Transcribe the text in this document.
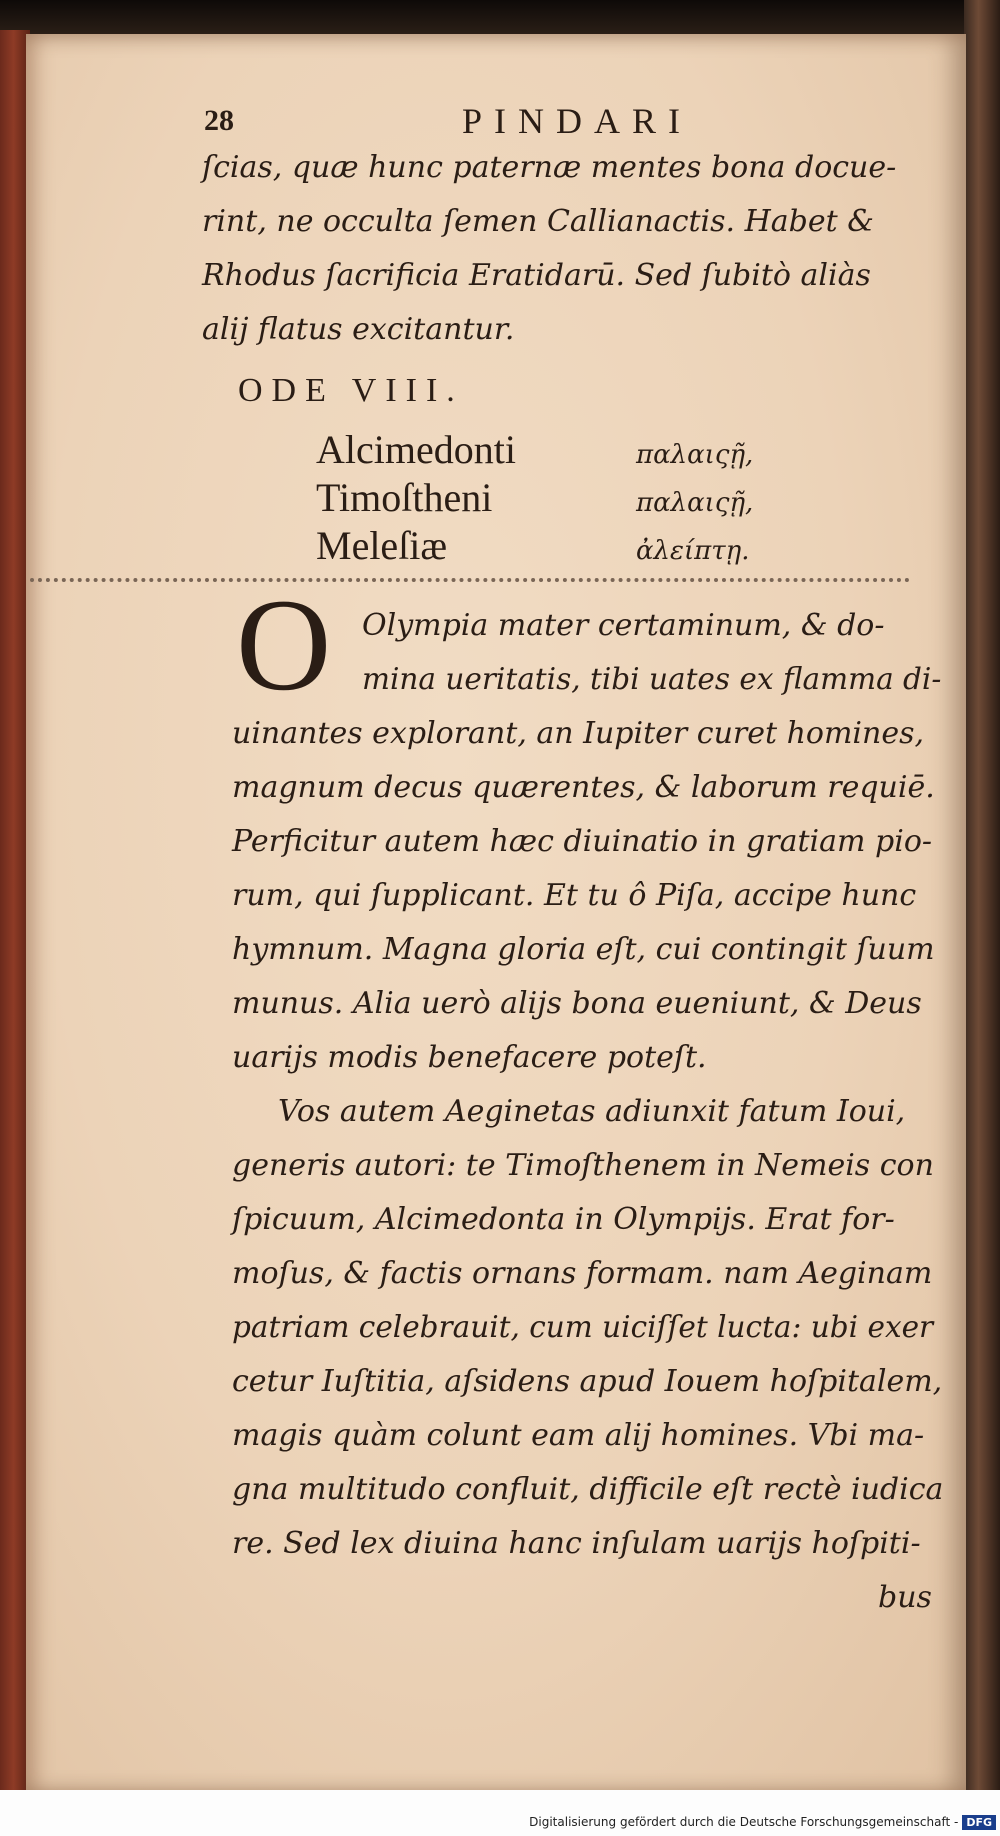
28	PINDARI
ſcias, quæ hunc paternæ mentes bona docue-
rint, ne occulta ſemen Callianactis. Habet &
Rhodus ſacrificia Eratidarū. Sed ſubitò aliàs
alij flatus excitantur.
ODE VIII.
Alcimedonti	παλαιςῇ,
Timoſtheni	παλαιςῇ,
Meleſiæ	ἀλείπτῃ.
O	Olympia mater certaminum, & do-
mina ueritatis, tibi uates ex flamma di-
uinantes explorant, an Iupiter curet homines,
magnum decus quærentes, & laborum requiē.
Perficitur autem hæc diuinatio in gratiam pio-
rum, qui ſupplicant. Et tu ô Piſa, accipe hunc
hymnum. Magna gloria eſt, cui contingit ſuum
munus. Alia uerò alijs bona eueniunt, & Deus
uarijs modis benefacere poteſt.
Vos autem Aeginetas adiunxit fatum Ioui,
generis autori: te Timoſthenem in Nemeis con
ſpicuum, Alcimedonta in Olympijs. Erat for-
moſus, & factis ornans formam. nam Aeginam
patriam celebrauit, cum uiciſſet lucta: ubi exer
cetur Iuſtitia, aſsidens apud Iouem hoſpitalem,
magis quàm colunt eam alij homines. Vbi ma-
gna multitudo confluit, difficile eſt rectè iudica
re. Sed lex diuina hanc inſulam uarijs hoſpiti-
bus
Digitalisierung gefördert durch die Deutsche Forschungsgemeinschaft - DFG
